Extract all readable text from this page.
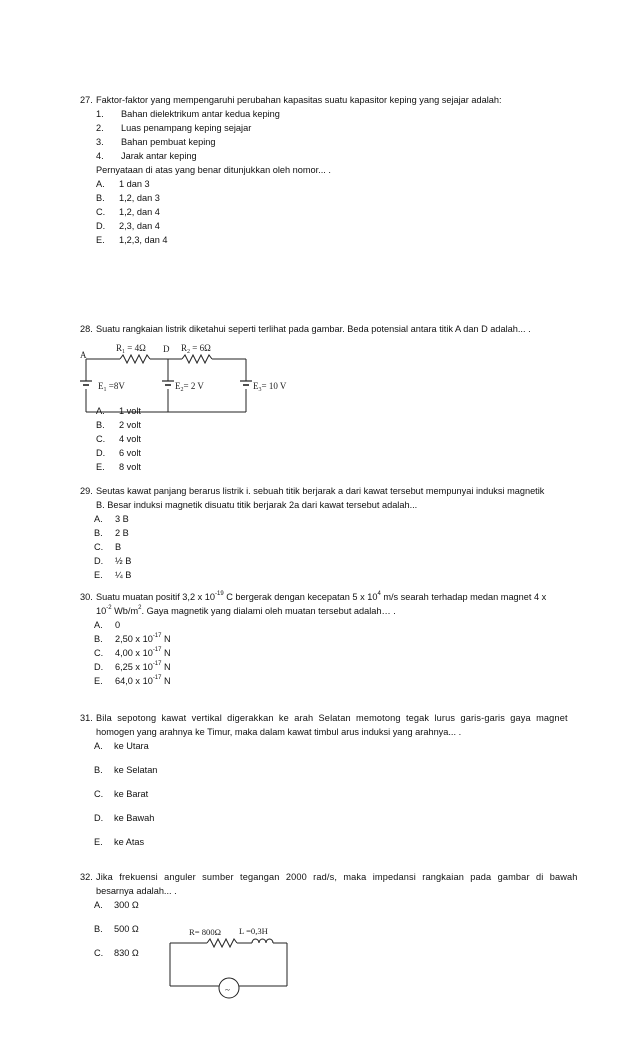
27. Faktor-faktor yang mempengaruhi perubahan kapasitas suatu kapasitor keping yang sejajar adalah:
1. Bahan dielektrikum antar kedua keping
2. Luas penampang keping sejajar
3. Bahan pembuat keping
4. Jarak antar keping
Pernyataan di atas yang benar ditunjukkan oleh nomor... .
A. 1 dan 3
B. 1,2, dan 3
C. 1,2, dan 4
D. 2,3, dan 4
E. 1,2,3, dan 4
28. Suatu rangkaian listrik diketahui seperti terlihat pada gambar. Beda potensial antara titik A dan D adalah... .
A
D
$R_1 = 4\Omega$	$R_2 = 6\Omega$
$E_1 =8V$	$E_2= 2$ V	$E_3= 10$ V
A. 1 volt
B. 2 volt
C. 4 volt
D. 6 volt
E. 8 volt
29. Seutas kawat panjang berarus listrik i. sebuah titik berjarak a dari kawat tersebut mempunyai induksi magnetik
B. Besar induksi magnetik disuatu titik berjarak 2a dari kawat tersebut adalah...
A. 3 B
B. 2 B
C. B
D. ½ B
E. ¼ B
30. Suatu muatan positif 3,2 x $10^{-19}$ C bergerak dengan kecepatan 5 x $10^4$ m/s searah terhadap medan magnet 4 x
$10^{-2}$ $Wb/m^2$. Gaya magnetik yang dialami oleh muatan tersebut adalah… .
A. 0
B. 2,50 x $10^{-17}$ N
C. 4,00 x $10^{-17}$ N
D. 6,25 x $10^{-17}$ N
E. 64,0 x $10^{-17}$ N
31. Bila sepotong kawat vertikal digerakkan ke arah Selatan memotong tegak lurus garis-garis gaya magnet
homogen yang arahnya ke Timur, maka dalam kawat timbul arus induksi yang arahnya... .
A. ke Utara
B. ke Selatan
C. ke Barat
D. ke Bawah
E. ke Atas
32. Jika frekuensi anguler sumber tegangan 2000 rad/s, maka impedansi rangkaian pada gambar di bawah
besarnya adalah... .
A. 300 Ω
B. 500 Ω
C. 830 Ω
R= 800Ω L =0,3H
~
